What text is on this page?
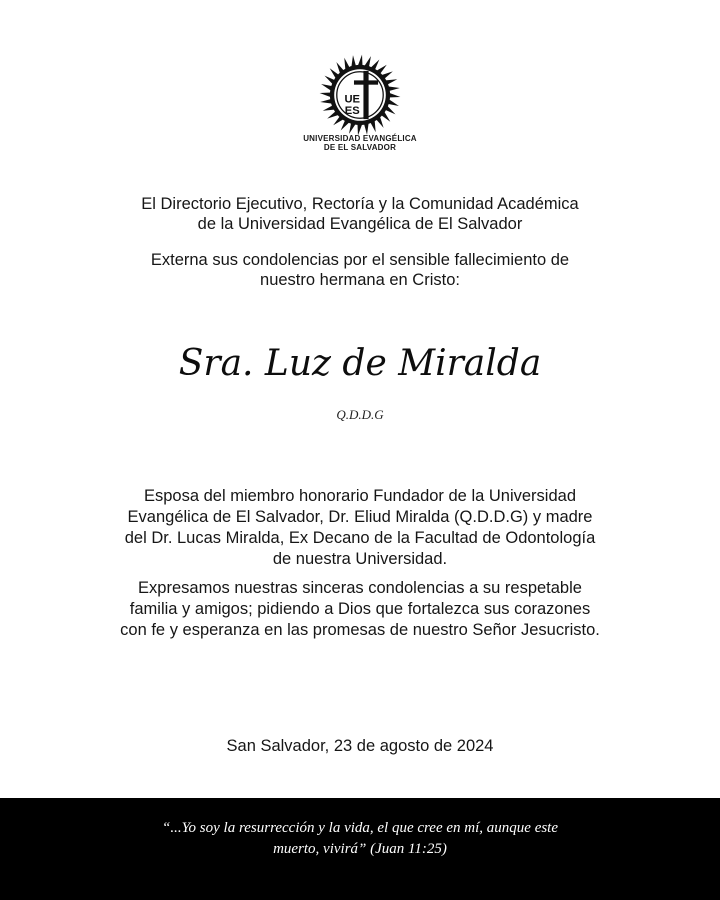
UE
ES
UNIVERSIDAD EVANGÉLICA
DE EL SALVADOR
El Directorio Ejecutivo, Rectoría y la Comunidad Académica
de la Universidad Evangélica de El Salvador
Externa sus condolencias por el sensible fallecimiento de
nuestro hermana en Cristo:
Sra. Luz de Miralda
Q.D.D.G
Esposa del miembro honorario Fundador de la Universidad
Evangélica de El Salvador, Dr. Eliud Miralda (Q.D.D.G) y madre
del Dr. Lucas Miralda, Ex Decano de la Facultad de Odontología
de nuestra Universidad.
Expresamos nuestras sinceras condolencias a su respetable
familia y amigos; pidiendo a Dios que fortalezca sus corazones
con fe y esperanza en las promesas de nuestro Señor Jesucristo.
San Salvador, 23 de agosto de 2024
“...Yo soy la resurrección y la vida, el que cree en mí, aunque este
muerto, vivirá” (Juan 11:25)
